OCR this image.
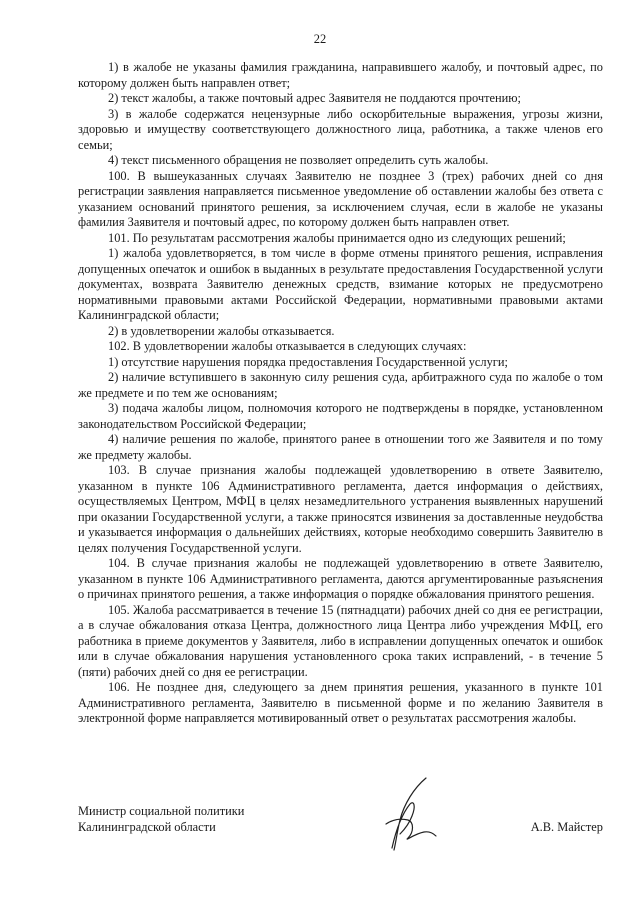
22

1) в жалобе не указаны фамилия гражданина, направившего жалобу, и почтовый адрес, по которому должен быть направлен ответ;

2) текст жалобы, а также почтовый адрес Заявителя не поддаются прочтению;

3) в жалобе содержатся нецензурные либо оскорбительные выражения, угрозы жизни, здоровью и имуществу соответствующего должностного лица, работника, а также членов его семьи;

4) текст письменного обращения не позволяет определить суть жалобы.

100. В вышеуказанных случаях Заявителю не позднее 3 (трех) рабочих дней со дня регистрации заявления направляется письменное уведомление об оставлении жалобы без ответа с указанием оснований принятого решения, за исключением случая, если в жалобе не указаны фамилия Заявителя и почтовый адрес, по которому должен быть направлен ответ.

101. По результатам рассмотрения жалобы принимается одно из следующих решений;

1) жалоба удовлетворяется, в том числе в форме отмены принятого решения, исправления допущенных опечаток и ошибок в выданных в результате предоставления Государственной услуги документах, возврата Заявителю денежных средств, взимание которых не предусмотрено нормативными правовыми актами Российской Федерации, нормативными правовыми актами Калининградской области;

2) в удовлетворении жалобы отказывается.

102. В удовлетворении жалобы отказывается в следующих случаях:

1) отсутствие нарушения порядка предоставления Государственной услуги;

2) наличие вступившего в законную силу решения суда, арбитражного суда по жалобе о том же предмете и по тем же основаниям;

3) подача жалобы лицом, полномочия которого не подтверждены в порядке, установленном законодательством Российской Федерации;

4) наличие решения по жалобе, принятого ранее в отношении того же Заявителя и по тому же предмету жалобы.

103. В случае признания жалобы подлежащей удовлетворению в ответе Заявителю, указанном в пункте 106 Административного регламента, дается информация о действиях, осуществляемых Центром, МФЦ в целях незамедлительного устранения выявленных нарушений при оказании Государственной услуги, а также приносятся извинения за доставленные неудобства и указывается информация о дальнейших действиях, которые необходимо совершить Заявителю в целях получения Государственной услуги.

104. В случае признания жалобы не подлежащей удовлетворению в ответе Заявителю, указанном в пункте 106 Административного регламента, даются аргументированные разъяснения о причинах принятого решения, а также информация о порядке обжалования принятого решения.

105. Жалоба рассматривается в течение 15 (пятнадцати) рабочих дней со дня ее регистрации, а в случае обжалования отказа Центра, должностного лица Центра либо учреждения МФЦ, его работника в приеме документов у Заявителя, либо в исправлении допущенных опечаток и ошибок или в случае обжалования нарушения установленного срока таких исправлений, - в течение 5 (пяти) рабочих дней со дня ее регистрации.

106. Не позднее дня, следующего за днем принятия решения, указанного в пункте 101 Административного регламента, Заявителю в письменной форме и по желанию Заявителя в электронной форме направляется мотивированный ответ о результатах рассмотрения жалобы.

Министр социальной политики
Калининградской области	А.В. Майстер
